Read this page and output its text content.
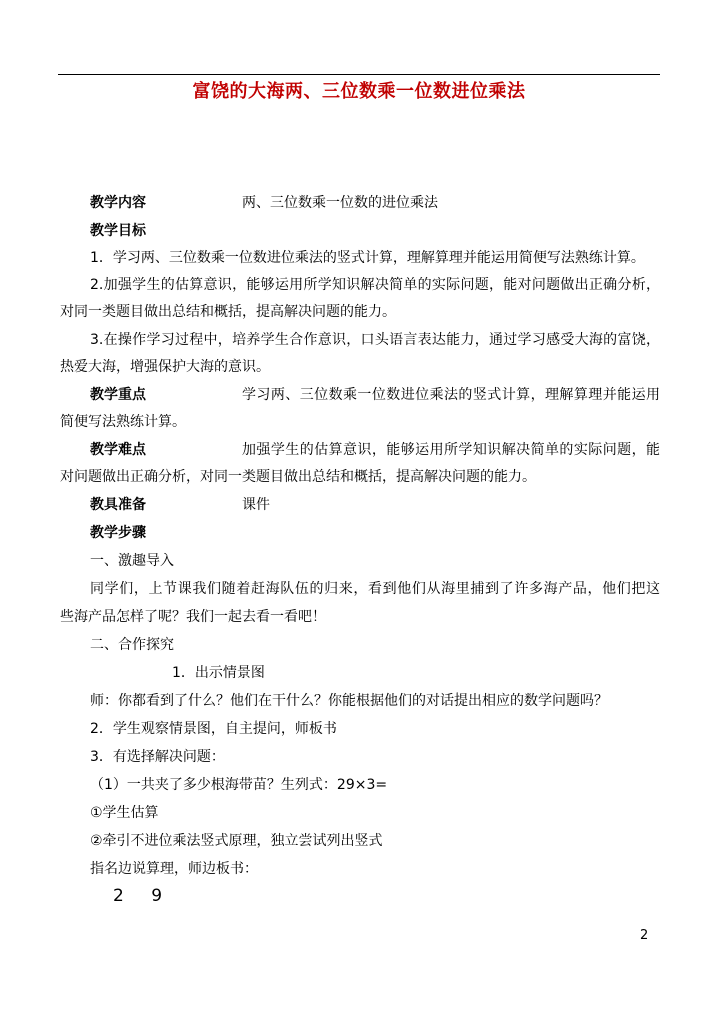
富饶的大海两、三位数乘一位数进位乘法
教学内容	两、三位数乘一位数的进位乘法
教学目标
1．学习两、三位数乘一位数进位乘法的竖式计算，理解算理并能运用简便写法熟练计算。
2.加强学生的估算意识，能够运用所学知识解决简单的实际问题，能对问题做出正确分析，
对同一类题目做出总结和概括，提高解决问题的能力。
3.在操作学习过程中，培养学生合作意识，口头语言表达能力，通过学习感受大海的富饶，
热爱大海，增强保护大海的意识。
教学重点	学习两、三位数乘一位数进位乘法的竖式计算，理解算理并能运用
简便写法熟练计算。
教学难点	加强学生的估算意识，能够运用所学知识解决简单的实际问题，能
对问题做出正确分析，对同一类题目做出总结和概括，提高解决问题的能力。
教具准备	课件
教学步骤
一、激趣导入
同学们，上节课我们随着赶海队伍的归来，看到他们从海里捕到了许多海产品，他们把这
些海产品怎样了呢？我们一起去看一看吧！
二、合作探究
1．出示情景图
师：你都看到了什么？他们在干什么？你能根据他们的对话提出相应的数学问题吗？
2．学生观察情景图，自主提问，师板书
3．有选择解决问题：
（1）一共夹了多少根海带苗？生列式：29×3=
①学生估算
②牵引不进位乘法竖式原理，独立尝试列出竖式
指名边说算理，师边板书：
2 9
2
